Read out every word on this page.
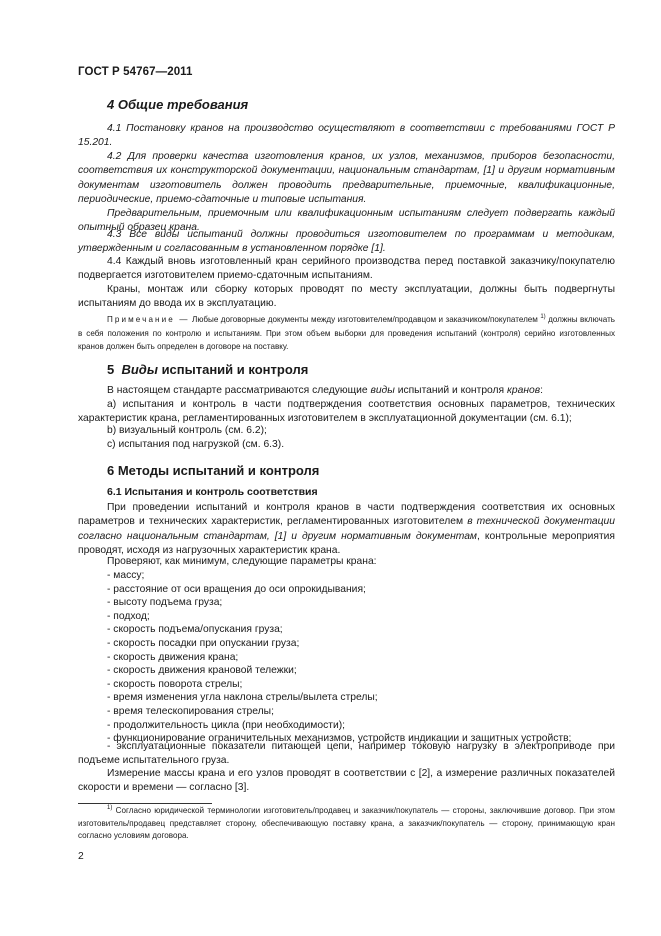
ГОСТ Р 54767—2011
4 Общие требования

4.1 Постановку кранов на производство осуществляют в соответствии с требованиями ГОСТ Р 15.201.

4.2 Для проверки качества изготовления кранов, их узлов, механизмов, приборов безопасности, соответствия их конструкторской документации, национальным стандартам, [1] и другим нормативным документам изготовитель должен проводить предварительные, приемочные, квалификационные, периодические, приемо-сдаточные и типовые испытания.

Предварительным, приемочным или квалификационным испытаниям следует подвергать каждый опытный образец крана.

4.3 Все виды испытаний должны проводиться изготовителем по программам и методикам, утвержденным и согласованным в установленном порядке [1].

4.4 Каждый вновь изготовленный кран серийного производства перед поставкой заказчику/покупателю подвергается изготовителем приемо-сдаточным испытаниям.

Краны, монтаж или сборку которых проводят по месту эксплуатации, должны быть подвергнуты испытаниям до ввода их в эксплуатацию.

Примечание — Любые договорные документы между изготовителем/продавцом и заказчиком/покупателем $^{1)}$ должны включать в себя положения по контролю и испытаниям. При этом объем выборки для проведения испытаний (контроля) серийно изготовленных кранов должен быть определен в договоре на поставку.

5 Виды испытаний и контроля

В настоящем стандарте рассматриваются следующие виды испытаний и контроля кранов:

a) испытания и контроль в части подтверждения соответствия основных параметров, технических характеристик крана, регламентированных изготовителем в эксплуатационной документации (см. 6.1);

b) визуальный контроль (см. 6.2);

c) испытания под нагрузкой (см. 6.3).

6 Методы испытаний и контроля
6.1 Испытания и контроль соответствия

При проведении испытаний и контроля кранов в части подтверждения соответствия их основных параметров и технических характеристик, регламентированных изготовителем в технической документации согласно национальным стандартам, [1] и другим нормативным документам, контрольные мероприятия проводят, исходя из нагрузочных характеристик крана.

Проверяют, как минимум, следующие параметры крана:

- массу;
- расстояние от оси вращения до оси опрокидывания;
- высоту подъема груза;
- подход;
- скорость подъема/опускания груза;
- скорость посадки при опускании груза;
- скорость движения крана;
- скорость движения крановой тележки;
- скорость поворота стрелы;
- время изменения угла наклона стрелы/вылета стрелы;
- время телескопирования стрелы;
- продолжительность цикла (при необходимости);
- функционирование ограничительных механизмов, устройств индикации и защитных устройств;

- эксплуатационные показатели питающей цепи, например токовую нагрузку в электроприводе при подъеме испытательного груза.

Измерение массы крана и его узлов проводят в соответствии с [2], а измерение различных показателей скорости и времени — согласно [3].

$^{1)}$ Согласно юридической терминологии изготовитель/продавец и заказчик/покупатель — стороны, заключившие договор. При этом изготовитель/продавец представляет сторону, обеспечивающую поставку крана, а заказчик/покупатель — сторону, принимающую кран согласно условиям договора.

2
